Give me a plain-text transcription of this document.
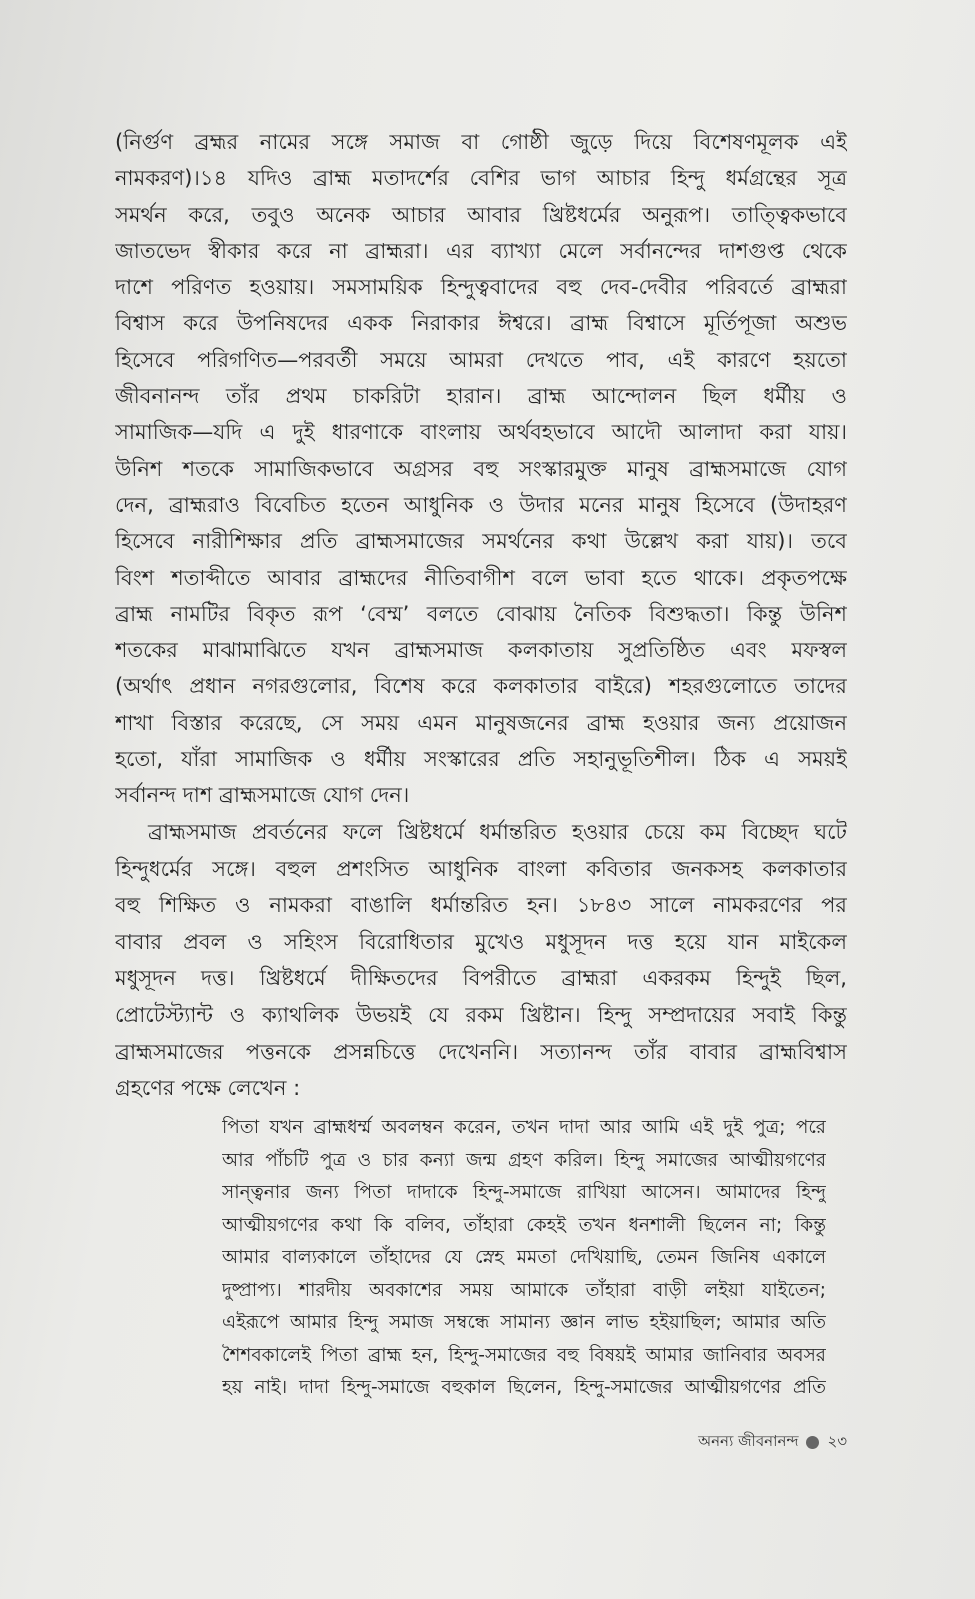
(নির্গুণ ব্রহ্মর নামের সঙ্গে সমাজ বা গোষ্ঠী জুড়ে দিয়ে বিশেষণমূলক এই
নামকরণ)।১৪ যদিও ব্রাহ্ম মতাদর্শের বেশির ভাগ আচার হিন্দু ধর্মগ্রন্থের সূত্র
সমর্থন করে, তবুও অনেক আচার আবার খ্রিষ্টধর্মের অনুরূপ। তাত্ত্বিকভাবে
জাতভেদ স্বীকার করে না ব্রাহ্মরা। এর ব্যাখ্যা মেলে সর্বানন্দের দাশগুপ্ত থেকে
দাশে পরিণত হওয়ায়। সমসাময়িক হিন্দুত্ববাদের বহু দেব-দেবীর পরিবর্তে ব্রাহ্মরা
বিশ্বাস করে উপনিষদের একক নিরাকার ঈশ্বরে। ব্রাহ্ম বিশ্বাসে মূর্তিপূজা অশুভ
হিসেবে পরিগণিত—পরবর্তী সময়ে আমরা দেখতে পাব, এই কারণে হয়তো
জীবনানন্দ তাঁর প্রথম চাকরিটা হারান। ব্রাহ্ম আন্দোলন ছিল ধর্মীয় ও
সামাজিক—যদি এ দুই ধারণাকে বাংলায় অর্থবহভাবে আদৌ আলাদা করা যায়।
উনিশ শতকে সামাজিকভাবে অগ্রসর বহু সংস্কারমুক্ত মানুষ ব্রাহ্মসমাজে যোগ
দেন, ব্রাহ্মরাও বিবেচিত হতেন আধুনিক ও উদার মনের মানুষ হিসেবে (উদাহরণ
হিসেবে নারীশিক্ষার প্রতি ব্রাহ্মসমাজের সমর্থনের কথা উল্লেখ করা যায়)। তবে
বিংশ শতাব্দীতে আবার ব্রাহ্মদের নীতিবাগীশ বলে ভাবা হতে থাকে। প্রকৃতপক্ষে
ব্রাহ্ম নামটির বিকৃত রূপ ‘বেম্ম’ বলতে বোঝায় নৈতিক বিশুদ্ধতা। কিন্তু উনিশ
শতকের মাঝামাঝিতে যখন ব্রাহ্মসমাজ কলকাতায় সুপ্রতিষ্ঠিত এবং মফস্বল
(অর্থাৎ প্রধান নগরগুলোর, বিশেষ করে কলকাতার বাইরে) শহরগুলোতে তাদের
শাখা বিস্তার করেছে, সে সময় এমন মানুষজনের ব্রাহ্ম হওয়ার জন্য প্রয়োজন
হতো, যাঁরা সামাজিক ও ধর্মীয় সংস্কারের প্রতি সহানুভূতিশীল। ঠিক এ সময়ই
সর্বানন্দ দাশ ব্রাহ্মসমাজে যোগ দেন।
ব্রাহ্মসমাজ প্রবর্তনের ফলে খ্রিষ্টধর্মে ধর্মান্তরিত হওয়ার চেয়ে কম বিচ্ছেদ ঘটে
হিন্দুধর্মের সঙ্গে। বহুল প্রশংসিত আধুনিক বাংলা কবিতার জনকসহ কলকাতার
বহু শিক্ষিত ও নামকরা বাঙালি ধর্মান্তরিত হন। ১৮৪৩ সালে নামকরণের পর
বাবার প্রবল ও সহিংস বিরোধিতার মুখেও মধুসূদন দত্ত হয়ে যান মাইকেল
মধুসূদন দত্ত। খ্রিষ্টধর্মে দীক্ষিতদের বিপরীতে ব্রাহ্মরা একরকম হিন্দুই ছিল,
প্রোটেস্ট্যান্ট ও ক্যাথলিক উভয়ই যে রকম খ্রিষ্টান। হিন্দু সম্প্রদায়ের সবাই কিন্তু
ব্রাহ্মসমাজের পত্তনকে প্রসন্নচিত্তে দেখেননি। সত্যানন্দ তাঁর বাবার ব্রাহ্মবিশ্বাস
গ্রহণের পক্ষে লেখেন :
পিতা যখন ব্রাহ্মধর্ম্ম অবলম্বন করেন, তখন দাদা আর আমি এই দুই পুত্র; পরে
আর পাঁচটি পুত্র ও চার কন্যা জন্ম গ্রহণ করিল। হিন্দু সমাজের আত্মীয়গণের
সান্ত্বনার জন্য পিতা দাদাকে হিন্দু-সমাজে রাখিয়া আসেন। আমাদের হিন্দু
আত্মীয়গণের কথা কি বলিব, তাঁহারা কেহই তখন ধনশালী ছিলেন না; কিন্তু
আমার বাল্যকালে তাঁহাদের যে স্নেহ মমতা দেখিয়াছি, তেমন জিনিষ একালে
দুষ্প্রাপ্য। শারদীয় অবকাশের সময় আমাকে তাঁহারা বাড়ী লইয়া যাইতেন;
এইরূপে আমার হিন্দু সমাজ সম্বন্ধে সামান্য জ্ঞান লাভ হইয়াছিল; আমার অতি
শৈশবকালেই পিতা ব্রাহ্ম হন, হিন্দু-সমাজের বহু বিষয়ই আমার জানিবার অবসর
হয় নাই। দাদা হিন্দু-সমাজে বহুকাল ছিলেন, হিন্দু-সমাজের আত্মীয়গণের প্রতি
অনন্য জীবনানন্দ ২৩
